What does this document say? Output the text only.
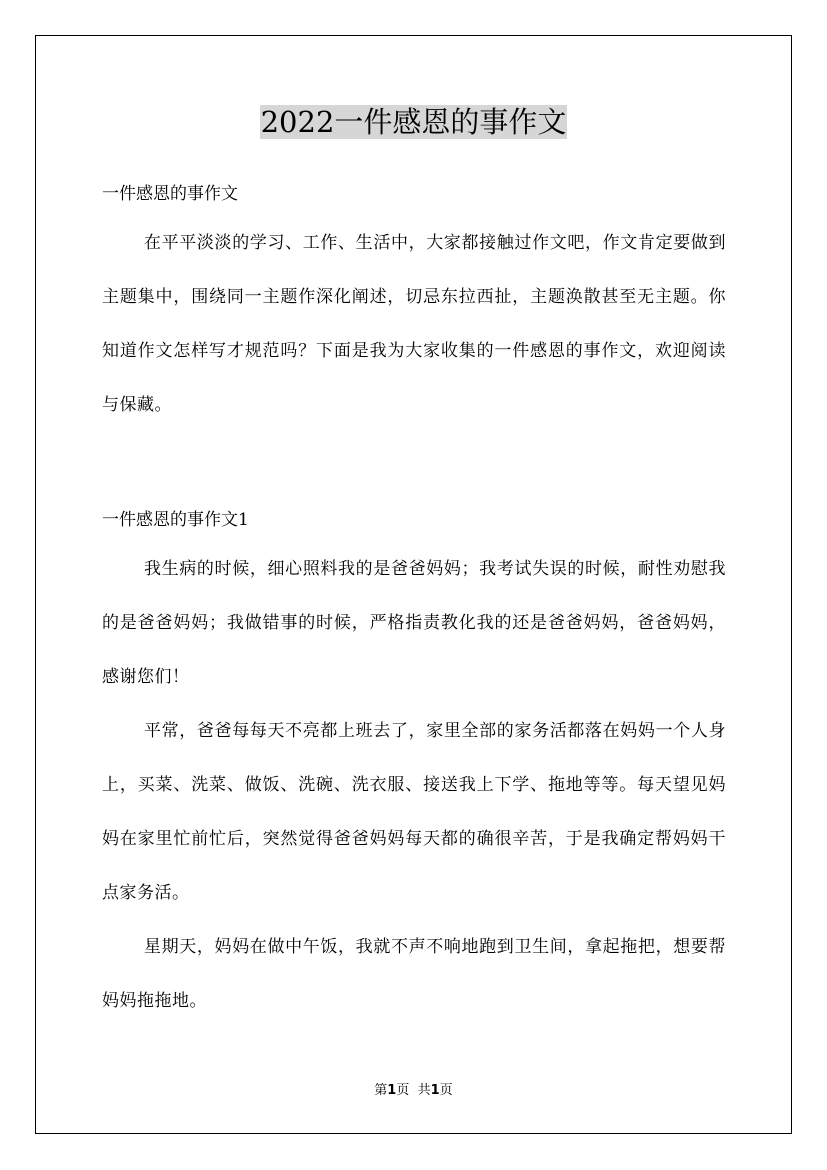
2022一件感恩的事作文

一件感恩的事作文

在平平淡淡的学习、工作、生活中，大家都接触过作文吧，作文肯定要做到主题集中，围绕同一主题作深化阐述，切忌东拉西扯，主题涣散甚至无主题。你知道作文怎样写才规范吗？下面是我为大家收集的一件感恩的事作文，欢迎阅读与保藏。

一件感恩的事作文1

我生病的时候，细心照料我的是爸爸妈妈；我考试失误的时候，耐性劝慰我的是爸爸妈妈；我做错事的时候，严格指责教化我的还是爸爸妈妈，爸爸妈妈，感谢您们！

平常，爸爸每每天不亮都上班去了，家里全部的家务活都落在妈妈一个人身上，买菜、洗菜、做饭、洗碗、洗衣服、接送我上下学、拖地等等。每天望见妈妈在家里忙前忙后，突然觉得爸爸妈妈每天都的确很辛苦，于是我确定帮妈妈干点家务活。

星期天，妈妈在做中午饭，我就不声不响地跑到卫生间，拿起拖把，想要帮妈妈拖拖地。

第1页 共1页
